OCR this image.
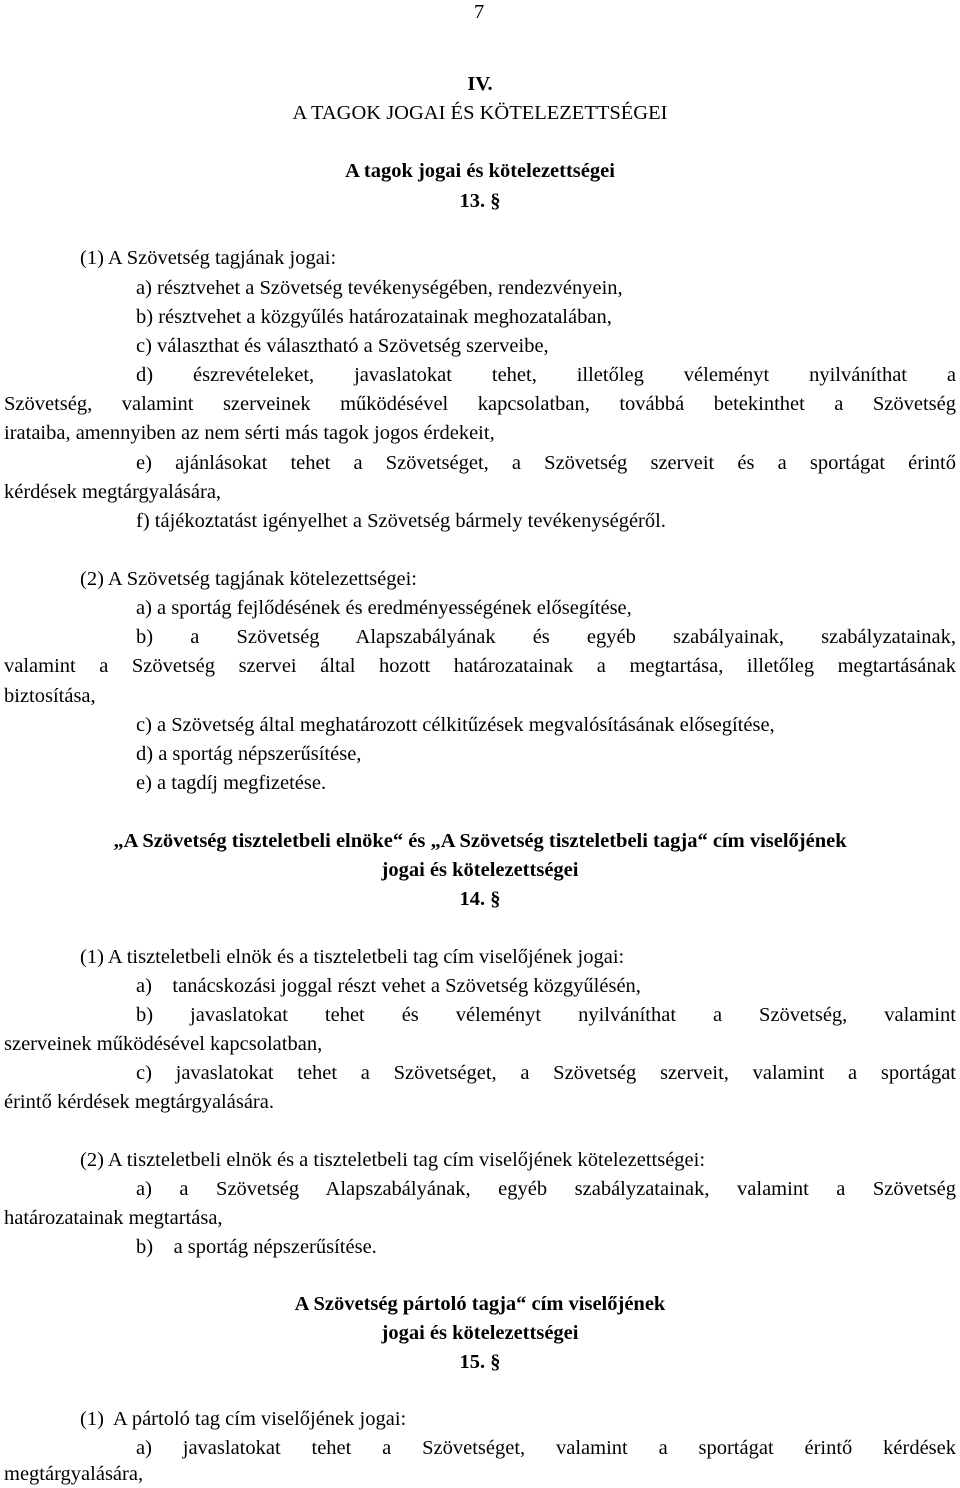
7
IV.
A TAGOK JOGAI ÉS KÖTELEZETTSÉGEI
A tagok jogai és kötelezettségei
13. §
(1) A Szövetség tagjának jogai:
a) résztvehet a Szövetség tevékenységében, rendezvényein,
b) résztvehet a közgyűlés határozatainak meghozatalában,
c) választhat és választható a Szövetség szerveibe,
d) észrevételeket, javaslatokat tehet, illetőleg véleményt nyilváníthat a
Szövetség, valamint szerveinek működésével kapcsolatban, továbbá betekinthet a Szövetség
irataiba, amennyiben az nem sérti más tagok jogos érdekeit,
e) ajánlásokat tehet a Szövetséget, a Szövetség szerveit és a sportágat érintő
kérdések megtárgyalására,
f) tájékoztatást igényelhet a Szövetség bármely tevékenységéről.
(2) A Szövetség tagjának kötelezettségei:
a) a sportág fejlődésének és eredményességének elősegítése,
b) a Szövetség Alapszabályának és egyéb szabályainak, szabályzatainak,
valamint a Szövetség szervei által hozott határozatainak a megtartása, illetőleg megtartásának
biztosítása,
c) a Szövetség által meghatározott célkitűzések megvalósításának elősegítése,
d) a sportág népszerűsítése,
e) a tagdíj megfizetése.
„A Szövetség tiszteletbeli elnöke“ és „A Szövetség tiszteletbeli tagja“ cím viselőjének
jogai és kötelezettségei
14. §
(1) A tiszteletbeli elnök és a tiszteletbeli tag cím viselőjének jogai:
a)    tanácskozási joggal részt vehet a Szövetség közgyűlésén,
b) javaslatokat tehet és véleményt nyilváníthat a Szövetség, valamint
szerveinek működésével kapcsolatban,
c) javaslatokat tehet a Szövetséget, a Szövetség szerveit, valamint a sportágat
érintő kérdések megtárgyalására.
(2) A tiszteletbeli elnök és a tiszteletbeli tag cím viselőjének kötelezettségei:
a) a Szövetség Alapszabályának, egyéb szabályzatainak, valamint a Szövetség
határozatainak megtartása,
b)    a sportág népszerűsítése.
A Szövetség pártoló tagja“ cím viselőjének
jogai és kötelezettségei
15. §
(1)  A pártoló tag cím viselőjének jogai:
a) javaslatokat tehet a Szövetséget, valamint a sportágat érintő kérdések
megtárgyalására,
